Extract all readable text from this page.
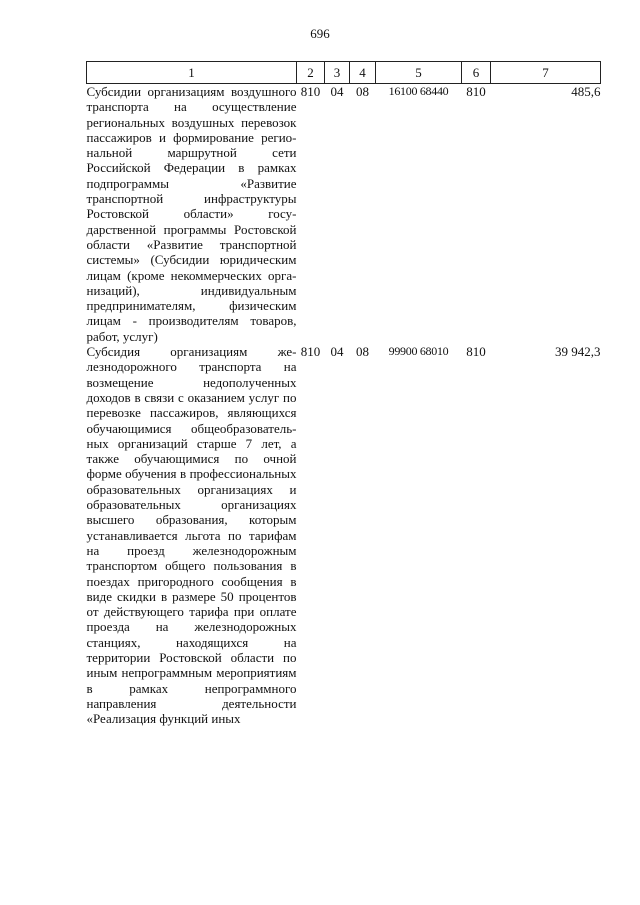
696
1	2	3	4	5	6	7
Субсидии организациям воздушного транспорта на осуществление региональных воздушных перевозок пассажиров и формирование региональной маршрутной сети Российской Федерации в рамках подпрограммы «Развитие транспортной инфраструктуры Ростовской области» государственной программы Ростовской области «Развитие транспортной системы» (Субсидии юридическим лицам (кроме некоммерческих организаций), индивидуальным предпринимателям, физическим лицам - производителям товаров, работ, услуг)	810	04	08	16100 68440	810	485,6
Субсидия организациям железнодорожного транспорта на возмещение недополученных доходов в связи с оказанием услуг по перевозке пассажиров, являющихся обучающимися общеобразовательных организаций старше 7 лет, а также обучающимися по очной форме обучения в профессиональных образовательных организациях и образовательных организациях высшего образования, которым устанавливается льгота по тарифам на проезд железнодорожным транспортом общего пользования в поездах пригородного сообщения в виде скидки в размере 50 процентов от действующего тарифа при оплате проезда на железнодорожных станциях, находящихся на территории Ростовской области по иным непрограммным мероприятиям в рамках непрограммного направления деятельности «Реализация функций иных	810	04	08	99900 68010	810	39 942,3
